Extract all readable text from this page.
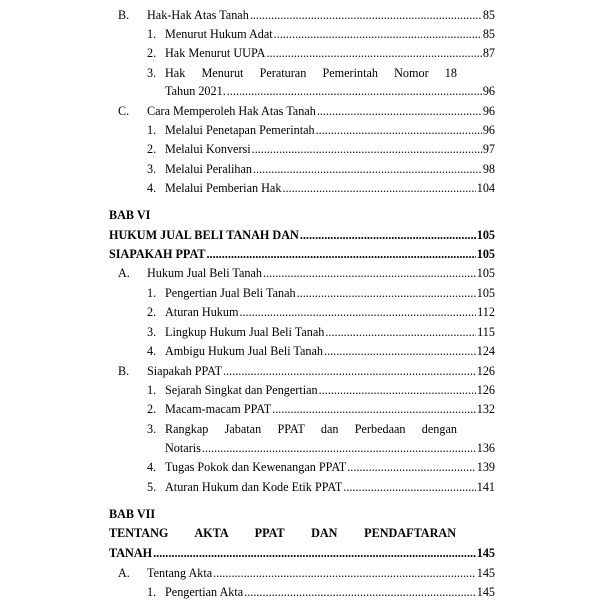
B. Hak-Hak Atas Tanah .....	85
1. Menurut Hukum Adat .....	85
2. Hak Menurut UUPA .....	87
3. Hak Menurut Peraturan Pemerintah Nomor 18
Tahun 2021. .....	96
C. Cara Memperoleh Hak Atas Tanah .....	96
1. Melalui Penetapan Pemerintah .....	96
2. Melalui Konversi .....	97
3. Melalui Peralihan .....	98
4. Melalui Pemberian Hak .....	104
BAB VI
HUKUM JUAL BELI TANAH DAN .....	105
SIAPAKAH PPAT .....	105
A. Hukum Jual Beli Tanah .....	105
1. Pengertian Jual Beli Tanah .....	105
2. Aturan Hukum .....	112
3. Lingkup Hukum Jual Beli Tanah .....	115
4. Ambigu Hukum Jual Beli Tanah .....	124
B. Siapakah PPAT .....	126
1. Sejarah Singkat dan Pengertian .....	126
2. Macam-macam PPAT .....	132
3. Rangkap Jabatan PPAT dan Perbedaan dengan
Notaris .....	136
4. Tugas Pokok dan Kewenangan PPAT .....	139
5. Aturan Hukum dan Kode Etik PPAT .....	141
BAB VII
TENTANG AKTA PPAT DAN PENDAFTARAN
TANAH .....	145
A. Tentang Akta .....	145
1. Pengertian Akta .....	145
